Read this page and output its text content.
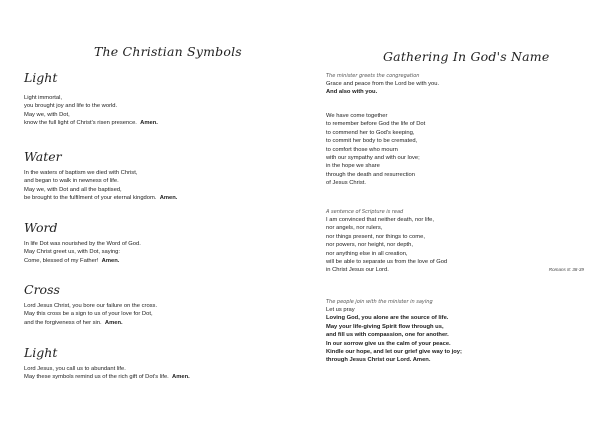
The Christian Symbols
Light
Light immortal,
you brought joy and life to the world.
May we, with Dot,
know the full light of Christ's risen presence. Amen.
Water
In the waters of baptism we died with Christ,
and began to walk in newness of life.
May we, with Dot and all the baptised,
be brought to the fulfilment of your eternal kingdom. Amen.
Word
In life Dot was nourished by the Word of God.
May Christ greet us, with Dot, saying:
Come, blessed of my Father! Amen.
Cross
Lord Jesus Christ, you bore our failure on the cross.
May this cross be a sign to us of your love for Dot,
and the forgiveness of her sin. Amen.
Light
Lord Jesus, you call us to abundant life.
May these symbols remind us of the rich gift of Dot's life. Amen.
Gathering In God's Name
The minister greets the congregation
Grace and peace from the Lord be with you.
And also with you.
We have come together
to remember before God the life of Dot
to commend her to God's keeping,
to commit her body to be cremated,
to comfort those who mourn
with our sympathy and with our love;
in the hope we share
through the death and resurrection
of Jesus Christ.
A sentence of Scripture is read
I am convinced that neither death, nor life,
nor angels, nor rulers,
nor things present, nor things to come,
nor powers, nor height, nor depth,
nor anything else in all creation,
will be able to separate us from the love of God
in Christ Jesus our Lord.	Romans 8: 38-39
The people join with the minister in saying
Let us pray
Loving God, you alone are the source of life.
May your life-giving Spirit flow through us,
and fill us with compassion, one for another.
In our sorrow give us the calm of your peace.
Kindle our hope, and let our grief give way to joy;
through Jesus Christ our Lord. Amen.
